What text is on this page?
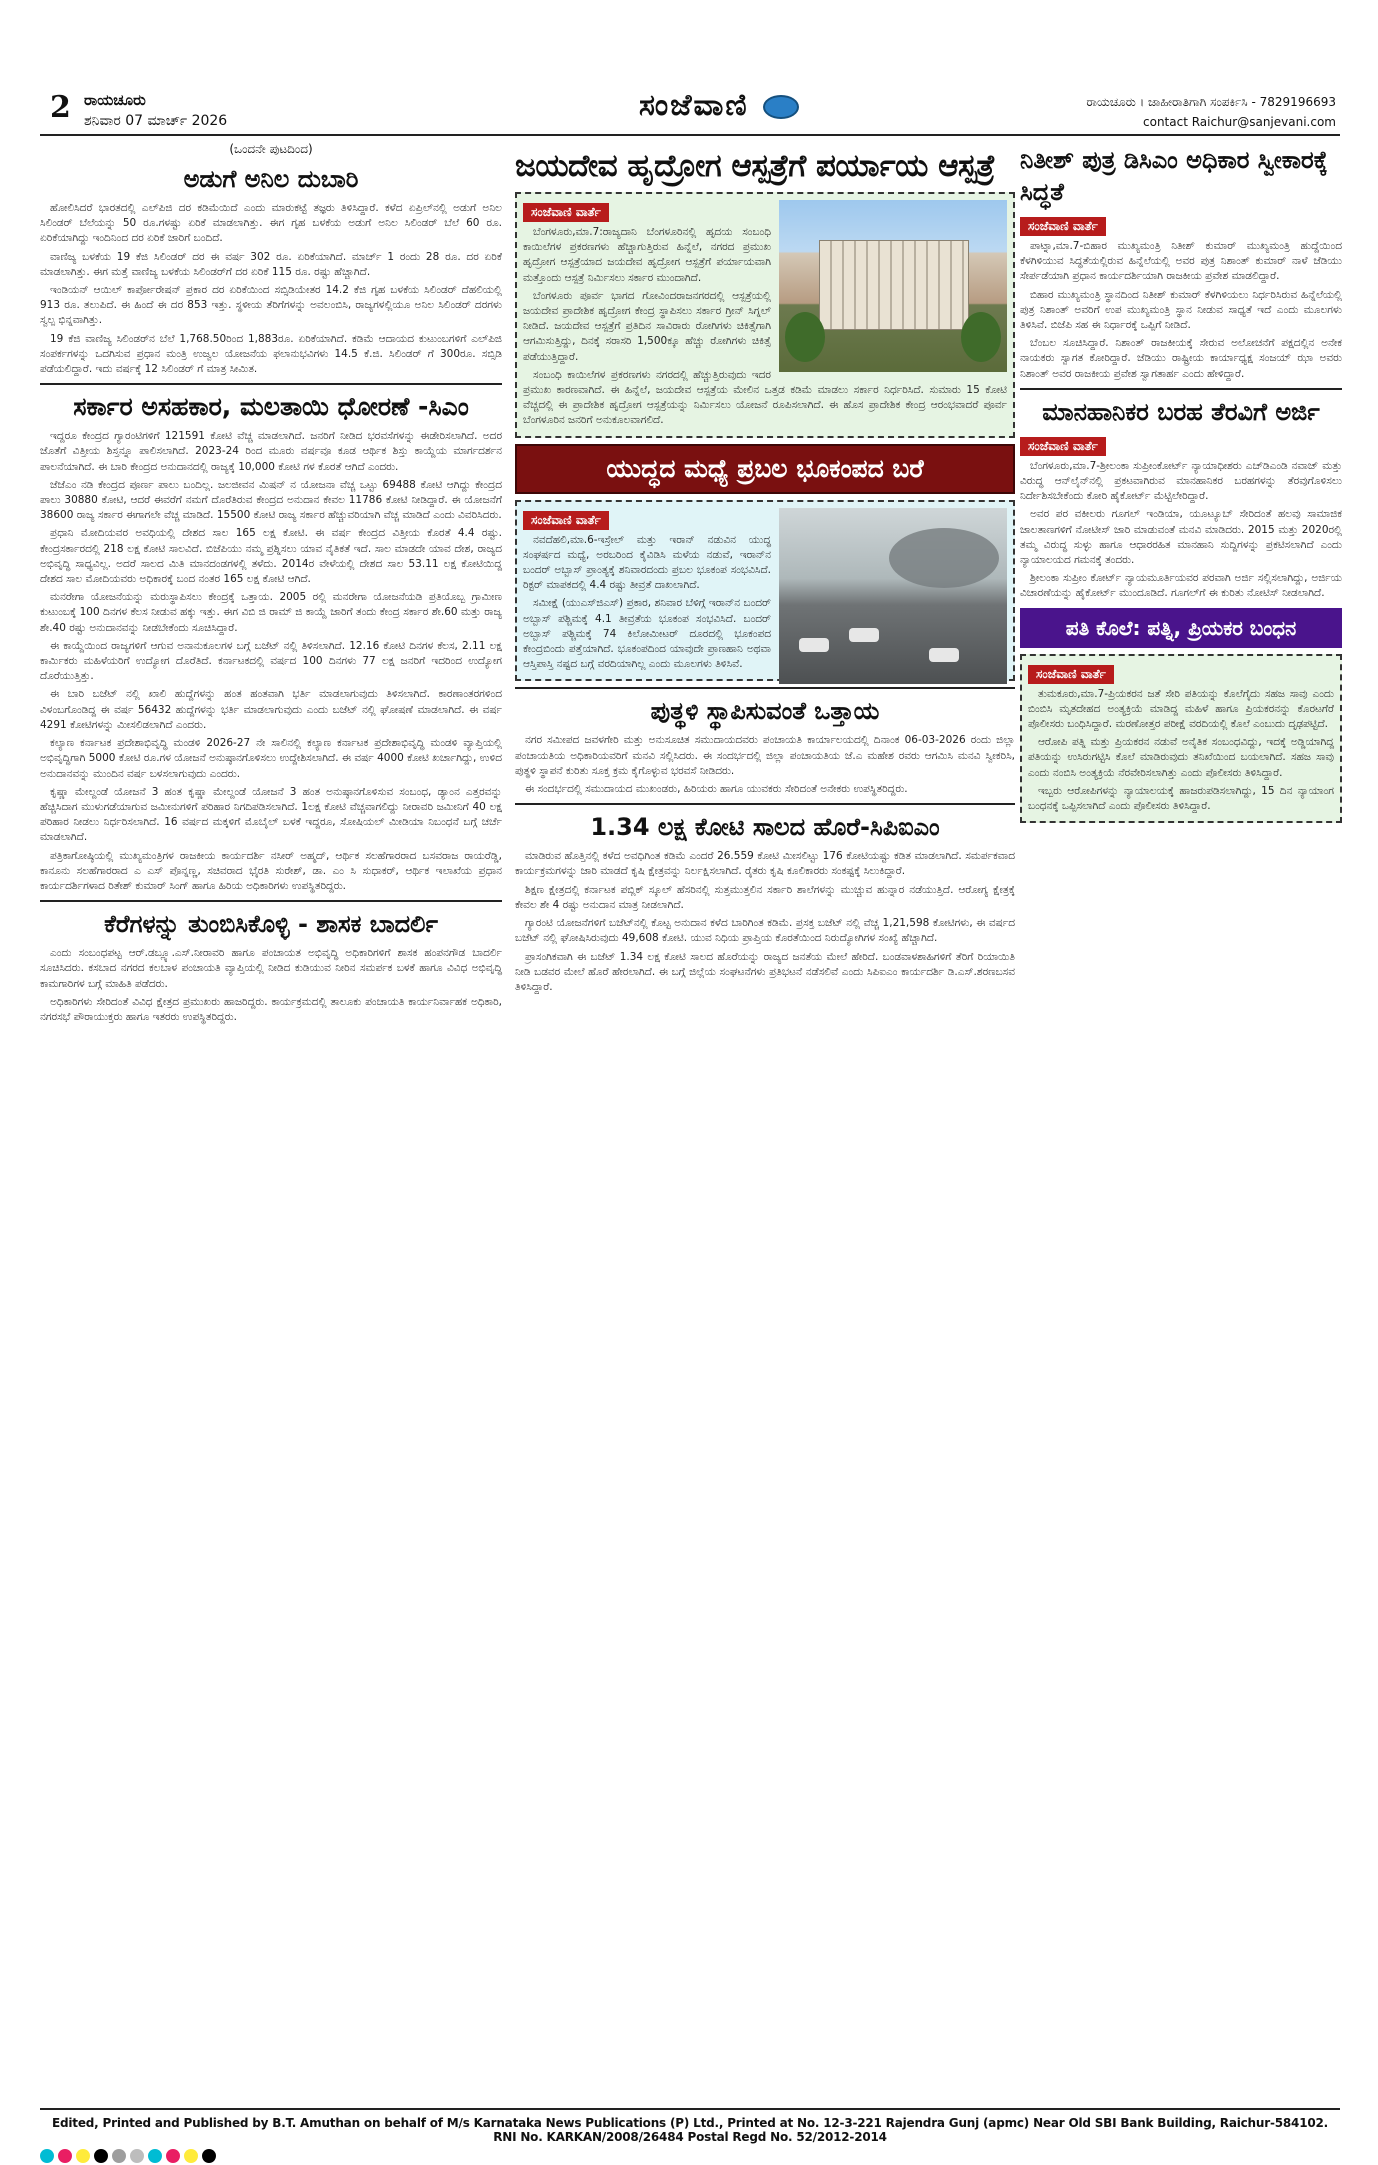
2 ರಾಯಚೂರು
ಶನಿವಾರ 07 ಮಾರ್ಚ್ 2026	ಸಂಜೆವಾಣಿ	ರಾಯಚೂರು । ಜಾಹೀರಾತಿಗಾಗಿ ಸಂಪರ್ಕಿಸಿ - 7829196693
contact Raichur@sanjevani.com
(ಒಂದನೇ ಪುಟದಿಂದ)
ಅಡುಗೆ ಅನಿಲ ದುಬಾರಿ

ಹೋಲಿಸಿದರೆ ಭಾರತದಲ್ಲಿ ಎಲ್‌ಪಿಜಿ ದರ ಕಡಿಮೆಯಿದೆ ಎಂದು ಮಾರುಕಟ್ಟೆ ತಜ್ಞರು ತಿಳಿಸಿದ್ದಾರೆ. ಕಳೆದ ಏಪ್ರಿಲ್‌ನಲ್ಲಿ ಅಡುಗೆ ಅನಿಲ ಸಿಲಿಂಡರ್ ಬೆಲೆಯನ್ನು 50 ರೂ.ಗಳಷ್ಟು ಏರಿಕೆ ಮಾಡಲಾಗಿತ್ತು. ಈಗ ಗೃಹ ಬಳಕೆಯ ಅಡುಗೆ ಅನಿಲ ಸಿಲಿಂಡರ್ ಬೆಲೆ 60 ರೂ. ಏರಿಕೆಯಾಗಿದ್ದು ಇಂದಿನಿಂದ ದರ ಏರಿಕೆ ಜಾರಿಗೆ ಬಂದಿದೆ.

ವಾಣಿಜ್ಯ ಬಳಕೆಯ 19 ಕೆಜಿ ಸಿಲಿಂಡರ್ ದರ ಈ ವರ್ಷ 302 ರೂ. ಏರಿಕೆಯಾಗಿದೆ. ಮಾರ್ಚ್ 1 ರಂದು 28 ರೂ. ದರ ಏರಿಕೆ ಮಾಡಲಾಗಿತ್ತು. ಈಗ ಮತ್ತೆ ವಾಣಿಜ್ಯ ಬಳಕೆಯ ಸಿಲಿಂಡರ್‌ಗೆ ದರ ಏರಿಕೆ 115 ರೂ. ರಷ್ಟು ಹೆಚ್ಚಾಗಿದೆ.

ಇಂಡಿಯನ್ ಆಯಿಲ್ ಕಾರ್ಪೋರೇಷನ್ ಪ್ರಕಾರ ದರ ಏರಿಕೆಯಿಂದ ಸಬ್ಸಿಡಿಯೇತರ 14.2 ಕೆಜಿ ಗೃಹ ಬಳಕೆಯ ಸಿಲಿಂಡರ್ ದೆಹಲಿಯಲ್ಲಿ 913 ರೂ. ತಲುಪಿದೆ. ಈ ಹಿಂದೆ ಈ ದರ 853 ಇತ್ತು. ಸ್ಥಳೀಯ ತೆರಿಗೆಗಳನ್ನು ಅವಲಂಬಿಸಿ, ರಾಜ್ಯಗಳಲ್ಲಿಯೂ ಅನಿಲ ಸಿಲಿಂಡರ್ ದರಗಳು ಸ್ವಲ್ಪ ಭಿನ್ನವಾಗಿತ್ತು.

19 ಕೆಜಿ ವಾಣಿಜ್ಯ ಸಿಲಿಂಡರ್‌ನ ಬೆಲೆ 1,768.50ರಿಂದ 1,883ರೂ. ಏರಿಕೆಯಾಗಿದೆ. ಕಡಿಮೆ ಆದಾಯದ ಕುಟುಂಬಗಳಿಗೆ ಎಲ್‌ಪಿಜಿ ಸಂಪರ್ಕಗಳನ್ನು ಒದಗಿಸುವ ಪ್ರಧಾನ ಮಂತ್ರಿ ಉಜ್ವಲ ಯೋಜನೆಯ ಫಲಾನುಭವಿಗಳು 14.5 ಕೆ.ಜಿ. ಸಿಲಿಂಡರ್ ಗೆ 300ರೂ. ಸಬ್ಸಿಡಿ ಪಡೆಯಲಿದ್ದಾರೆ. ಇದು ವರ್ಷಕ್ಕೆ 12 ಸಿಲಿಂಡರ್ ಗೆ ಮಾತ್ರ ಸೀಮಿತ.

ಸರ್ಕಾರ ಅಸಹಕಾರ, ಮಲತಾಯಿ ಧೋರಣೆ -ಸಿಎಂ

ಇದ್ದರೂ ಕೇಂದ್ರದ ಗ್ಯಾರಂಟಿಗಳಿಗೆ 121591 ಕೋಟಿ ವೆಚ್ಚ ಮಾಡಲಾಗಿದೆ. ಜನರಿಗೆ ನೀಡಿದ ಭರವಸೆಗಳನ್ನು ಈಡೇರಿಸಲಾಗಿದೆ. ಅದರ ಜೊತೆಗೆ ವಿತ್ತೀಯ ಶಿಸ್ತನ್ನೂ ಪಾಲಿಸಲಾಗಿದೆ. 2023-24 ರಿಂದ ಮೂರು ವರ್ಷವೂ ಕೂಡ ಆರ್ಥಿಕ ಶಿಸ್ತು ಕಾಯ್ದೆಯ ಮಾರ್ಗದರ್ಶನ ಪಾಲನೆಯಾಗಿದೆ. ಈ ಬಾರಿ ಕೇಂದ್ರದ ಅನುದಾನದಲ್ಲಿ ರಾಜ್ಯಕ್ಕೆ 10,000 ಕೋಟಿ ಗಳ ಕೊರತೆ ಆಗಿದೆ ಎಂದರು.

ಜೆಜೆಎಂ ನಡಿ ಕೇಂದ್ರದ ಪೂರ್ಣ ಪಾಲು ಬಂದಿಲ್ಲ. ಜಲಜೀವನ ಮಿಷನ್ ನ ಯೋಜನಾ ವೆಚ್ಚ ಒಟ್ಟು 69488 ಕೋಟಿ ಆಗಿದ್ದು ಕೇಂದ್ರದ ಪಾಲು 30880 ಕೋಟಿ, ಆದರೆ ಈವರೆಗೆ ನಮಗೆ ದೊರೆತಿರುವ ಕೇಂದ್ರದ ಅನುದಾನ ಕೇವಲ 11786 ಕೋಟಿ ನೀಡಿದ್ದಾರೆ. ಈ ಯೋಜನೆಗೆ 38600 ರಾಜ್ಯ ಸರ್ಕಾರ ಈಗಾಗಲೇ ವೆಚ್ಚ ಮಾಡಿದೆ. 15500 ಕೋಟಿ ರಾಜ್ಯ ಸರ್ಕಾರ ಹೆಚ್ಚುವರಿಯಾಗಿ ವೆಚ್ಚ ಮಾಡಿದೆ ಎಂದು ವಿವರಿಸಿದರು.

ಪ್ರಧಾನಿ ಮೋದಿಯವರ ಅವಧಿಯಲ್ಲಿ ದೇಶದ ಸಾಲ 165 ಲಕ್ಷ ಕೋಟಿ. ಈ ವರ್ಷ ಕೇಂದ್ರದ ವಿತ್ತೀಯ ಕೊರತೆ 4.4 ರಷ್ಟು. ಕೇಂದ್ರಸರ್ಕಾರದಲ್ಲಿ 218 ಲಕ್ಷ ಕೋಟಿ ಸಾಲವಿದೆ. ಬಿಜೆಪಿಯು ನಮ್ಮ ಪ್ರಶ್ನಿಸಲು ಯಾವ ನೈತಿಕತೆ ಇದೆ. ಸಾಲ ಮಾಡದೇ ಯಾವ ದೇಶ, ರಾಜ್ಯದ ಅಭಿವೃದ್ಧಿ ಸಾಧ್ಯವಿಲ್ಲ. ಅದರೆ ಸಾಲದ ಮಿತಿ ಮಾನದಂಡಗಳಲ್ಲಿ ತಳೆದು. 2014ರ ವೇಳೆಯಲ್ಲಿ ದೇಶದ ಸಾಲ 53.11 ಲಕ್ಷ ಕೋಟಿಯಿದ್ದ ದೇಶದ ಸಾಲ ಮೋದಿಯವರು ಅಧಿಕಾರಕ್ಕೆ ಬಂದ ನಂತರ 165 ಲಕ್ಷ ಕೋಟಿ ಆಗಿದೆ.

ಮನರೇಗಾ ಯೋಜನೆಯನ್ನು ಮರುಸ್ಥಾಪಿಸಲು ಕೇಂದ್ರಕ್ಕೆ ಒತ್ತಾಯ. 2005 ರಲ್ಲಿ ಮನರೇಗಾ ಯೋಜನೆಯಡಿ ಪ್ರತಿಯೊಬ್ಬ ಗ್ರಾಮೀಣ ಕುಟುಂಬಕ್ಕೆ 100 ದಿನಗಳ ಕೆಲಸ ನೀಡುವ ಹಕ್ಕು ಇತ್ತು. ಈಗ ವಿಬಿ ಜಿ ರಾಮ್ ಜಿ ಕಾಯ್ದೆ ಜಾರಿಗೆ ತಂದು ಕೇಂದ್ರ ಸರ್ಕಾರ ಶೇ.60 ಮತ್ತು ರಾಜ್ಯ ಶೇ.40 ರಷ್ಟು ಅನುದಾನವನ್ನು ನೀಡಬೇಕೆಂದು ಸೂಚಿಸಿದ್ದಾರೆ.

ಈ ಕಾಯ್ದೆಯಿಂದ ರಾಜ್ಯಗಳಿಗೆ ಆಗುವ ಅನಾನುಕೂಲಗಳ ಬಗ್ಗೆ ಬಜೆಟ್ ನಲ್ಲಿ ತಿಳಿಸಲಾಗಿದೆ. 12.16 ಕೋಟಿ ದಿನಗಳ ಕೆಲಸ, 2.11 ಲಕ್ಷ ಕಾರ್ಮಿಕರು ಮಹಿಳೆಯರಿಗೆ ಉದ್ಯೋಗ ದೊರೆತಿದೆ. ಕರ್ನಾಟಕದಲ್ಲಿ ವರ್ಷದ 100 ದಿನಗಳು 77 ಲಕ್ಷ ಜನರಿಗೆ ಇದರಿಂದ ಉದ್ಯೋಗ ದೊರೆಯುತ್ತಿತ್ತು.

ಈ ಬಾರಿ ಬಜೆಟ್ ನಲ್ಲಿ ಖಾಲಿ ಹುದ್ದೆಗಳನ್ನು ಹಂತ ಹಂತವಾಗಿ ಭರ್ತಿ ಮಾಡಲಾಗುವುದು ತಿಳಿಸಲಾಗಿದೆ. ಕಾರಣಾಂತರಗಳಿಂದ ವಿಳಂಬಗೊಂಡಿದ್ದ ಈ ವರ್ಷ 56432 ಹುದ್ದೆಗಳನ್ನು ಭರ್ತಿ ಮಾಡಲಾಗುವುದು ಎಂದು ಬಜೆಟ್ ನಲ್ಲಿ ಘೋಷಣೆ ಮಾಡಲಾಗಿದೆ. ಈ ವರ್ಷ 4291 ಕೋಟಿಗಳನ್ನು ಮೀಸಲಿಡಲಾಗಿದೆ ಎಂದರು.

ಕಲ್ಯಾಣ ಕರ್ನಾಟಕ ಪ್ರದೇಶಾಭಿವೃದ್ಧಿ ಮಂಡಳಿ 2026-27 ನೇ ಸಾಲಿನಲ್ಲಿ ಕಲ್ಯಾಣ ಕರ್ನಾಟಕ ಪ್ರದೇಶಾಭಿವೃದ್ಧಿ ಮಂಡಳಿ ವ್ಯಾಪ್ತಿಯಲ್ಲಿ ಅಭಿವೃದ್ಧಿಗಾಗಿ 5000 ಕೋಟಿ ರೂ.ಗಳ ಯೋಜನೆ ಅನುಷ್ಠಾನಗೊಳಿಸಲು ಉದ್ದೇಶಿಸಲಾಗಿದೆ. ಈ ವರ್ಷ 4000 ಕೋಟಿ ಖರ್ಚಾಗಿದ್ದು, ಉಳಿದ ಅನುದಾನವನ್ನು ಮುಂದಿನ ವರ್ಷ ಬಳಸಲಾಗುವುದು ಎಂದರು.

ಕೃಷ್ಣಾ ಮೇಲ್ದಂಡೆ ಯೋಜನೆ 3 ಹಂತ ಕೃಷ್ಣಾ ಮೇಲ್ದಂಡೆ ಯೋಜನೆ 3 ಹಂತ ಅನುಷ್ಠಾನಗೊಳಿಸುವ ಸಂಬಂಧ, ಡ್ಯಾಂನ ಎತ್ತರವನ್ನು ಹೆಚ್ಚಿಸಿದಾಗ ಮುಳುಗಡೆಯಾಗುವ ಜಮೀನುಗಳಿಗೆ ಪರಿಹಾರ ನಿಗದಿಪಡಿಸಲಾಗಿದೆ. 1ಲಕ್ಷ ಕೋಟಿ ವೆಚ್ಚವಾಗಲಿದ್ದು ನೀರಾವರಿ ಜಮೀನಿಗೆ 40 ಲಕ್ಷ ಪರಿಹಾರ ನೀಡಲು ನಿರ್ಧರಿಸಲಾಗಿದೆ. 16 ವರ್ಷದ ಮಕ್ಕಳಿಗೆ ಮೊಬೈಲ್ ಬಳಕೆ ಇದ್ದರೂ, ಸೋಷಿಯಲ್ ಮೀಡಿಯಾ ನಿಬಂಧನೆ ಬಗ್ಗೆ ಚರ್ಚೆ ಮಾಡಲಾಗಿದೆ.

ಪತ್ರಿಕಾಗೋಷ್ಠಿಯಲ್ಲಿ ಮುಖ್ಯಮಂತ್ರಿಗಳ ರಾಜಕೀಯ ಕಾರ್ಯದರ್ಶಿ ನಸೀರ್ ಅಹ್ಮದ್, ಆರ್ಥಿಕ ಸಲಹೆಗಾರರಾದ ಬಸವರಾಜ ರಾಯರೆಡ್ಡಿ, ಕಾನೂನು ಸಲಹೆಗಾರರಾದ ಎ ಎಸ್ ಪೊನ್ನಣ್ಣ, ಸಚಿವರಾದ ಭೈರತಿ ಸುರೇಶ್, ಡಾ. ಎಂ ಸಿ ಸುಧಾಕರ್, ಆರ್ಥಿಕ ಇಲಾಖೆಯ ಪ್ರಧಾನ ಕಾರ್ಯದರ್ಶಿಗಳಾದ ರಿತೇಶ್ ಕುಮಾರ್ ಸಿಂಗ್ ಹಾಗೂ ಹಿರಿಯ ಅಧಿಕಾರಿಗಳು ಉಪಸ್ಥಿತರಿದ್ದರು.

ಕೆರೆಗಳನ್ನು ತುಂಬಿಸಿಕೊಳ್ಳಿ - ಶಾಸಕ ಬಾದರ್ಲಿ

ಎಂದು ಸಂಬಂಧಪಟ್ಟ ಆರ್.ಡಬ್ಲ್ಯೂ.ಎಸ್.ನೀರಾವರಿ ಹಾಗೂ ಪಂಚಾಯತ ಅಭಿವೃದ್ಧಿ ಅಧಿಕಾರಿಗಳಿಗೆ ಶಾಸಕ ಹಂಪನಗೌಡ ಬಾದರ್ಲಿ ಸೂಚಿಸಿದರು. ಕಸಬಾದ ನಗರದ ಕಲಬಾಳ ಪಂಚಾಯತಿ ವ್ಯಾಪ್ತಿಯಲ್ಲಿ ನೀಡಿದ ಕುಡಿಯುವ ನೀರಿನ ಸಮರ್ಪಕ ಬಳಕೆ ಹಾಗೂ ವಿವಿಧ ಅಭಿವೃದ್ಧಿ ಕಾಮಗಾರಿಗಳ ಬಗ್ಗೆ ಮಾಹಿತಿ ಪಡೆದರು.

ಅಧಿಕಾರಿಗಳು ಸೇರಿದಂತೆ ವಿವಿಧ ಕ್ಷೇತ್ರದ ಪ್ರಮುಖರು ಹಾಜರಿದ್ದರು. ಕಾರ್ಯಕ್ರಮದಲ್ಲಿ ತಾಲೂಕು ಪಂಚಾಯತಿ ಕಾರ್ಯನಿರ್ವಾಹಕ ಅಧಿಕಾರಿ, ನಗರಸಭೆ ಪೌರಾಯುಕ್ತರು ಹಾಗೂ ಇತರರು ಉಪಸ್ಥಿತರಿದ್ದರು.

ಜಯದೇವ ಹೃದ್ರೋಗ ಆಸ್ಪತ್ರೆಗೆ ಪರ್ಯಾಯ ಆಸ್ಪತ್ರೆ
ಸಂಜೆವಾಣಿ ವಾರ್ತೆ

ಬೆಂಗಳೂರು,ಮಾ.7:ರಾಜ್ಯದಾನಿ ಬೆಂಗಳೂರಿನಲ್ಲಿ ಹೃದಯ ಸಂಬಂಧಿ ಕಾಯಿಲೆಗಳ ಪ್ರಕರಣಗಳು ಹೆಚ್ಚಾಗುತ್ತಿರುವ ಹಿನ್ನೆಲೆ, ನಗರದ ಪ್ರಮುಖ ಹೃದ್ರೋಗ ಆಸ್ಪತ್ರೆಯಾದ ಜಯದೇವ ಹೃದ್ರೋಗ ಆಸ್ಪತ್ರೆಗೆ ಪರ್ಯಾಯವಾಗಿ ಮತ್ತೊಂದು ಆಸ್ಪತ್ರೆ ನಿರ್ಮಿಸಲು ಸರ್ಕಾರ ಮುಂದಾಗಿದೆ.

ಬೆಂಗಳೂರು ಪೂರ್ವ ಭಾಗದ ಗೋವಿಂದರಾಜನಗರದಲ್ಲಿ ಆಸ್ಪತ್ರೆಯಲ್ಲಿ ಜಯದೇವ ಪ್ರಾದೇಶಿಕ ಹೃದ್ರೋಗ ಕೇಂದ್ರ ಸ್ಥಾಪಿಸಲು ಸರ್ಕಾರ ಗ್ರೀನ್ ಸಿಗ್ನಲ್ ನೀಡಿದೆ. ಜಯದೇವ ಆಸ್ಪತ್ರೆಗೆ ಪ್ರತಿದಿನ ಸಾವಿರಾರು ರೋಗಿಗಳು ಚಿಕಿತ್ಸೆಗಾಗಿ ಆಗಮಿಸುತ್ತಿದ್ದು, ದಿನಕ್ಕೆ ಸರಾಸರಿ 1,500ಕ್ಕೂ ಹೆಚ್ಚು ರೋಗಿಗಳು ಚಿಕಿತ್ಸೆ ಪಡೆಯುತ್ತಿದ್ದಾರೆ.

ಸಂಬಂಧಿ ಕಾಯಿಲೆಗಳ ಪ್ರಕರಣಗಳು ನಗರದಲ್ಲಿ ಹೆಚ್ಚುತ್ತಿರುವುದು ಇದರ ಪ್ರಮುಖ ಕಾರಣವಾಗಿದೆ. ಈ ಹಿನ್ನೆಲೆ, ಜಯದೇವ ಆಸ್ಪತ್ರೆಯ ಮೇಲಿನ ಒತ್ತಡ ಕಡಿಮೆ ಮಾಡಲು ಸರ್ಕಾರ ನಿರ್ಧರಿಸಿದೆ. ಸುಮಾರು 15 ಕೋಟಿ ವೆಚ್ಚದಲ್ಲಿ ಈ ಪ್ರಾದೇಶಿಕ ಹೃದ್ರೋಗ ಆಸ್ಪತ್ರೆಯನ್ನು ನಿರ್ಮಿಸಲು ಯೋಜನೆ ರೂಪಿಸಲಾಗಿದೆ. ಈ ಹೊಸ ಪ್ರಾದೇಶಿಕ ಕೇಂದ್ರ ಆರಂಭವಾದರೆ ಪೂರ್ವ ಬೆಂಗಳೂರಿನ ಜನರಿಗೆ ಅನುಕೂಲವಾಗಲಿದೆ.

ಯುದ್ಧದ ಮಧ್ಯೆ ಪ್ರಬಲ ಭೂಕಂಪದ ಬರೆ
ಸಂಜೆವಾಣಿ ವಾರ್ತೆ

ನವದೆಹಲಿ,ಮಾ.6-ಇಸ್ರೇಲ್ ಮತ್ತು ಇರಾನ್ ನಡುವಿನ ಯುದ್ಧ ಸಂಘರ್ಷದ ಮಧ್ಯೆ, ಅರಬರಿಂದ ಕೈವಿಡಿಸಿ ಮಳೆಯ ನಡುವೆ, ಇರಾನ್‌ನ ಬಂದರ್ ಅಬ್ಬಾಸ್ ಪ್ರಾಂತ್ಯಕ್ಕೆ ಶನಿವಾರದಂದು ಪ್ರಬಲ ಭೂಕಂಪ ಸಂಭವಿಸಿದೆ. ರಿಕ್ಟರ್ ಮಾಪಕದಲ್ಲಿ 4.4 ರಷ್ಟು ತೀವ್ರತೆ ದಾಖಲಾಗಿದೆ.

ಸಮೀಕ್ಷೆ (ಯುಎಸ್‌ಜಿಎಸ್) ಪ್ರಕಾರ, ಶನಿವಾರ ಬೆಳಿಗ್ಗೆ ಇರಾನ್‌ನ ಬಂದರ್ ಅಬ್ಬಾಸ್ ಪಶ್ಚಿಮಕ್ಕೆ 4.1 ತೀವ್ರತೆಯ ಭೂಕಂಪ ಸಂಭವಿಸಿದೆ. ಬಂದರ್ ಅಬ್ಬಾಸ್ ಪಶ್ಚಿಮಕ್ಕೆ 74 ಕಿಲೋಮೀಟರ್ ದೂರದಲ್ಲಿ ಭೂಕಂಪದ ಕೇಂದ್ರಬಿಂದು ಪತ್ತೆಯಾಗಿದೆ. ಭೂಕಂಪದಿಂದ ಯಾವುದೇ ಪ್ರಾಣಹಾನಿ ಅಥವಾ ಆಸ್ತಿಪಾಸ್ತಿ ನಷ್ಟದ ಬಗ್ಗೆ ವರದಿಯಾಗಿಲ್ಲ ಎಂದು ಮೂಲಗಳು ತಿಳಿಸಿವೆ.

ಪುತ್ಥಳಿ ಸ್ಥಾಪಿಸುವಂತೆ ಒತ್ತಾಯ

ನಗರ ಸಮೀಪದ ಜವಳಗೇರಿ ಮತ್ತು ಅನುಸೂಚಿತ ಸಮುದಾಯದವರು ಪಂಚಾಯತಿ ಕಾರ್ಯಾಲಯದಲ್ಲಿ ದಿನಾಂಕ 06-03-2026 ರಂದು ಜಿಲ್ಲಾ ಪಂಚಾಯತಿಯ ಅಧಿಕಾರಿಯವರಿಗೆ ಮನವಿ ಸಲ್ಲಿಸಿದರು. ಈ ಸಂದರ್ಭದಲ್ಲಿ ಜಿಲ್ಲಾ ಪಂಚಾಯತಿಯ ಜೆ.ಎ ಮಹೇಶ ರವರು ಆಗಮಿಸಿ ಮನವಿ ಸ್ವೀಕರಿಸಿ, ಪುತ್ಥಳಿ ಸ್ಥಾಪನೆ ಕುರಿತು ಸೂಕ್ತ ಕ್ರಮ ಕೈಗೊಳ್ಳುವ ಭರವಸೆ ನೀಡಿದರು.

ಈ ಸಂದರ್ಭದಲ್ಲಿ ಸಮುದಾಯದ ಮುಖಂಡರು, ಹಿರಿಯರು ಹಾಗೂ ಯುವಕರು ಸೇರಿದಂತೆ ಅನೇಕರು ಉಪಸ್ಥಿತರಿದ್ದರು.

1.34 ಲಕ್ಷ ಕೋಟಿ ಸಾಲದ ಹೊರೆ-ಸಿಪಿಐಎಂ

ಮಾಡಿರುವ ಹೊತ್ತಿನಲ್ಲಿ ಕಳೆದ ಅವಧಿಗಿಂತ ಕಡಿಮೆ ಎಂದರೆ 26.559 ಕೋಟಿ ಮೀಸಲಿಟ್ಟು 176 ಕೋಟಿಯಷ್ಟು ಕಡಿತ ಮಾಡಲಾಗಿದೆ. ಸಮರ್ಪಕವಾದ ಕಾರ್ಯಕ್ರಮಗಳನ್ನು ಜಾರಿ ಮಾಡದೆ ಕೃಷಿ ಕ್ಷೇತ್ರವನ್ನು ನಿರ್ಲಕ್ಷಿಸಲಾಗಿದೆ. ರೈತರು ಕೃಷಿ ಕೂಲಿಕಾರರು ಸಂಕಷ್ಟಕ್ಕೆ ಸಿಲುಕಿದ್ದಾರೆ.

ಶಿಕ್ಷಣ ಕ್ಷೇತ್ರದಲ್ಲಿ ಕರ್ನಾಟಕ ಪಬ್ಲಿಕ್ ಸ್ಕೂಲ್ ಹೆಸರಿನಲ್ಲಿ ಸುತ್ತಮುತ್ತಲಿನ ಸರ್ಕಾರಿ ಶಾಲೆಗಳನ್ನು ಮುಚ್ಚುವ ಹುನ್ನಾರ ನಡೆಯುತ್ತಿದೆ. ಆರೋಗ್ಯ ಕ್ಷೇತ್ರಕ್ಕೆ ಕೇವಲ ಶೇ 4 ರಷ್ಟು ಅನುದಾನ ಮಾತ್ರ ನೀಡಲಾಗಿದೆ.

ಗ್ಯಾರಂಟಿ ಯೋಜನೆಗಳಿಗೆ ಬಜೆಟ್‌ನಲ್ಲಿ ಕೊಟ್ಟ ಅನುದಾನ ಕಳೆದ ಬಾರಿಗಿಂತ ಕಡಿಮೆ. ಪ್ರಸಕ್ತ ಬಜೆಟ್ ನಲ್ಲಿ ವೆಚ್ಚ 1,21,598 ಕೋಟಿಗಳು, ಈ ವರ್ಷದ ಬಜೆಟ್ ನಲ್ಲಿ ಘೋಷಿಸಿರುವುದು 49,608 ಕೋಟಿ. ಯುವ ನಿಧಿಯ ಪ್ರಾಪ್ತಿಯ ಕೊರತೆಯಿಂದ ನಿರುದ್ಯೋಗಿಗಳ ಸಂಖ್ಯೆ ಹೆಚ್ಚಾಗಿದೆ.

ಪ್ರಾಸಂಗಿಕವಾಗಿ ಈ ಬಜೆಟ್ 1.34 ಲಕ್ಷ ಕೋಟಿ ಸಾಲದ ಹೊರೆಯನ್ನು ರಾಜ್ಯದ ಜನತೆಯ ಮೇಲೆ ಹೇರಿದೆ. ಬಂಡವಾಳಶಾಹಿಗಳಿಗೆ ತೆರಿಗೆ ರಿಯಾಯಿತಿ ನೀಡಿ ಬಡವರ ಮೇಲೆ ಹೊರೆ ಹೇರಲಾಗಿದೆ. ಈ ಬಗ್ಗೆ ಜಿಲ್ಲೆಯ ಸಂಘಟನೆಗಳು ಪ್ರತಿಭಟನೆ ನಡೆಸಲಿವೆ ಎಂದು ಸಿಪಿಐಎಂ ಕಾರ್ಯದರ್ಶಿ ಡಿ.ಎಸ್.ಶರಣಬಸವ ತಿಳಿಸಿದ್ದಾರೆ.

ನಿತೀಶ್ ಪುತ್ರ ಡಿಸಿಎಂ ಅಧಿಕಾರ ಸ್ವೀಕಾರಕ್ಕೆ ಸಿದ್ಧತೆ
ಸಂಜೆವಾಣಿ ವಾರ್ತೆ

ಪಾಟ್ನಾ,ಮಾ.7-ಬಿಹಾರ ಮುಖ್ಯಮಂತ್ರಿ ನಿತೀಶ್ ಕುಮಾರ್ ಮುಖ್ಯಮಂತ್ರಿ ಹುದ್ದೆಯಿಂದ ಕೆಳಗಿಳಿಯುವ ಸಿದ್ಧತೆಯಲ್ಲಿರುವ ಹಿನ್ನೆಲೆಯಲ್ಲಿ ಅವರ ಪುತ್ರ ನಿಶಾಂತ್ ಕುಮಾರ್ ನಾಳೆ ಜೆಡಿಯು ಸೇರ್ಪಡೆಯಾಗಿ ಪ್ರಧಾನ ಕಾರ್ಯದರ್ಶಿಯಾಗಿ ರಾಜಕೀಯ ಪ್ರವೇಶ ಮಾಡಲಿದ್ದಾರೆ.

ಬಿಹಾರ ಮುಖ್ಯಮಂತ್ರಿ ಸ್ಥಾನದಿಂದ ನಿತೀಶ್ ಕುಮಾರ್ ಕೆಳಗಿಳಿಯಲು ನಿರ್ಧರಿಸಿರುವ ಹಿನ್ನೆಲೆಯಲ್ಲಿ ಪುತ್ರ ನಿಶಾಂತ್ ಅವರಿಗೆ ಉಪ ಮುಖ್ಯಮಂತ್ರಿ ಸ್ಥಾನ ನೀಡುವ ಸಾಧ್ಯತೆ ಇದೆ ಎಂದು ಮೂಲಗಳು ತಿಳಿಸಿವೆ. ಬಿಜೆಪಿ ಸಹ ಈ ನಿರ್ಧಾರಕ್ಕೆ ಒಪ್ಪಿಗೆ ನೀಡಿದೆ.

ಬೆಂಬಲ ಸೂಚಿಸಿದ್ದಾರೆ. ನಿಶಾಂತ್ ರಾಜಕೀಯಕ್ಕೆ ಸೇರುವ ಅಲೋಚನೆಗೆ ಪಕ್ಷದಲ್ಲಿನ ಅನೇಕ ನಾಯಕರು ಸ್ವಾಗತ ಕೋರಿದ್ದಾರೆ. ಜೆಡಿಯು ರಾಷ್ಟ್ರೀಯ ಕಾರ್ಯಾಧ್ಯಕ್ಷ ಸಂಜಯ್ ಝಾ ಅವರು ನಿಶಾಂತ್ ಅವರ ರಾಜಕೀಯ ಪ್ರವೇಶ ಸ್ವಾಗತಾರ್ಹ ಎಂದು ಹೇಳಿದ್ದಾರೆ.

ಮಾನಹಾನಿಕರ ಬರಹ ತೆರವಿಗೆ ಅರ್ಜಿ
ಸಂಜೆವಾಣಿ ವಾರ್ತೆ

ಬೆಂಗಳೂರು,ಮಾ.7-ಶ್ರೀಲಂಕಾ ಸುಪ್ರೀಂಕೋರ್ಟ್ ನ್ಯಾಯಾಧೀಶರು ಎಚ್‌ಡಿಎಂಡಿ ನವಾಜ್ ಮತ್ತು ವಿರುದ್ಧ ಆನ್‌ಲೈನ್‌ನಲ್ಲಿ ಪ್ರಕಟವಾಗಿರುವ ಮಾನಹಾನಿಕರ ಬರಹಗಳನ್ನು ತೆರವುಗೊಳಿಸಲು ನಿರ್ದೇಶಿಸಬೇಕೆಂದು ಕೋರಿ ಹೈಕೋರ್ಟ್ ಮೆಟ್ಟಿಲೇರಿದ್ದಾರೆ.

ಅವರ ಪರ ವಕೀಲರು ಗೂಗಲ್ ಇಂಡಿಯಾ, ಯೂಟ್ಯೂಬ್ ಸೇರಿದಂತೆ ಹಲವು ಸಾಮಾಜಿಕ ಜಾಲತಾಣಗಳಿಗೆ ನೋಟೀಸ್ ಜಾರಿ ಮಾಡುವಂತೆ ಮನವಿ ಮಾಡಿದರು. 2015 ಮತ್ತು 2020ರಲ್ಲಿ ತಮ್ಮ ವಿರುದ್ಧ ಸುಳ್ಳು ಹಾಗೂ ಆಧಾರರಹಿತ ಮಾನಹಾನಿ ಸುದ್ದಿಗಳನ್ನು ಪ್ರಕಟಿಸಲಾಗಿದೆ ಎಂದು ನ್ಯಾಯಾಲಯದ ಗಮನಕ್ಕೆ ತಂದರು.

ಶ್ರೀಲಂಕಾ ಸುಪ್ರೀಂ ಕೋರ್ಟ್ ನ್ಯಾಯಮೂರ್ತಿಯವರ ಪರವಾಗಿ ಅರ್ಜಿ ಸಲ್ಲಿಸಲಾಗಿದ್ದು, ಅರ್ಜಿಯ ವಿಚಾರಣೆಯನ್ನು ಹೈಕೋರ್ಟ್ ಮುಂದೂಡಿದೆ. ಗೂಗಲ್‌ಗೆ ಈ ಕುರಿತು ನೋಟಿಸ್ ನೀಡಲಾಗಿದೆ.

ಪತಿ ಕೊಲೆ: ಪತ್ನಿ, ಪ್ರಿಯಕರ ಬಂಧನ
ಸಂಜೆವಾಣಿ ವಾರ್ತೆ

ತುಮಕೂರು,ಮಾ.7-ಪ್ರಿಯಕರನ ಜತೆ ಸೇರಿ ಪತಿಯನ್ನು ಕೊಲೆಗೈದು ಸಹಜ ಸಾವು ಎಂದು ಬಿಂಬಿಸಿ ಮೃತದೇಹದ ಅಂತ್ಯಕ್ರಿಯೆ ಮಾಡಿದ್ದ ಮಹಿಳೆ ಹಾಗೂ ಪ್ರಿಯಕರನನ್ನು ಕೊರಟಗೆರೆ ಪೊಲೀಸರು ಬಂಧಿಸಿದ್ದಾರೆ. ಮರಣೋತ್ತರ ಪರೀಕ್ಷೆ ವರದಿಯಲ್ಲಿ ಕೊಲೆ ಎಂಬುದು ದೃಢಪಟ್ಟಿದೆ.

ಆರೋಪಿ ಪತ್ನಿ ಮತ್ತು ಪ್ರಿಯಕರನ ನಡುವೆ ಅನೈತಿಕ ಸಂಬಂಧವಿದ್ದು, ಇದಕ್ಕೆ ಅಡ್ಡಿಯಾಗಿದ್ದ ಪತಿಯನ್ನು ಉಸಿರುಗಟ್ಟಿಸಿ ಕೊಲೆ ಮಾಡಿರುವುದು ತನಿಖೆಯಿಂದ ಬಯಲಾಗಿದೆ. ಸಹಜ ಸಾವು ಎಂದು ನಂಬಿಸಿ ಅಂತ್ಯಕ್ರಿಯೆ ನೆರವೇರಿಸಲಾಗಿತ್ತು ಎಂದು ಪೊಲೀಸರು ತಿಳಿಸಿದ್ದಾರೆ.

ಇಬ್ಬರು ಆರೋಪಿಗಳನ್ನು ನ್ಯಾಯಾಲಯಕ್ಕೆ ಹಾಜರುಪಡಿಸಲಾಗಿದ್ದು, 15 ದಿನ ನ್ಯಾಯಾಂಗ ಬಂಧನಕ್ಕೆ ಒಪ್ಪಿಸಲಾಗಿದೆ ಎಂದು ಪೊಲೀಸರು ತಿಳಿಸಿದ್ದಾರೆ.

Edited, Printed and Published by B.T. Amuthan on behalf of M/s Karnataka News Publications (P) Ltd., Printed at No. 12-3-221 Rajendra Gunj (apmc) Near Old SBI Bank Building, Raichur-584102. RNI No. KARKAN/2008/26484 Postal Regd No. 52/2012-2014
